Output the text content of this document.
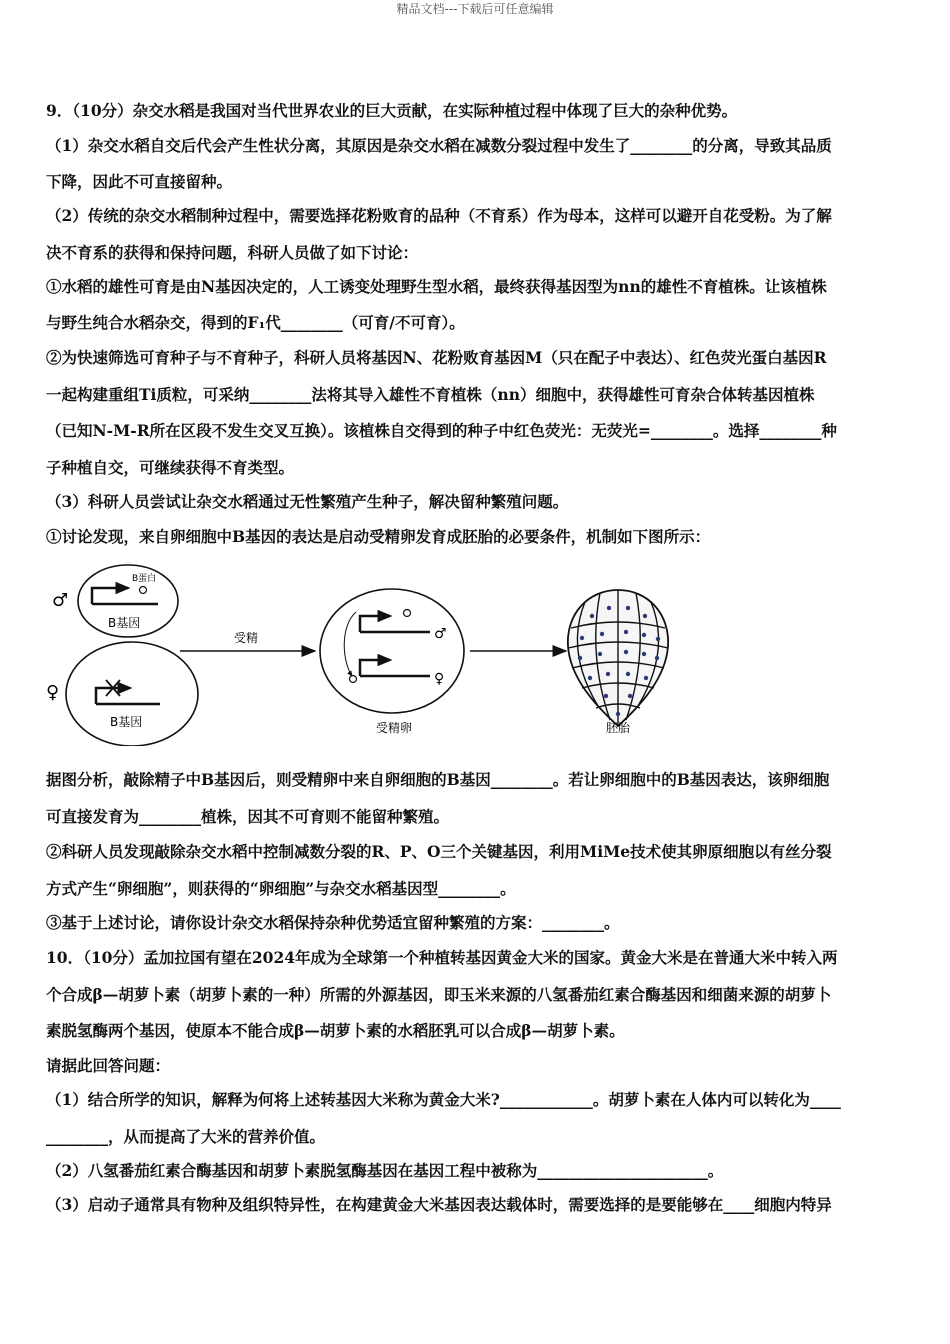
精品文档---下载后可任意编辑
9．（10分）杂交水稻是我国对当代世界农业的巨大贡献，在实际种植过程中体现了巨大的杂种优势。
（1）杂交水稻自交后代会产生性状分离，其原因是杂交水稻在减数分裂过程中发生了________的分离，导致其品质
下降，因此不可直接留种。
（2）传统的杂交水稻制种过程中，需要选择花粉败育的品种（不育系）作为母本，这样可以避开自花受粉。为了解
决不育系的获得和保持问题，科研人员做了如下讨论：
①水稻的雄性可育是由N基因决定的，人工诱变处理野生型水稻，最终获得基因型为nn的雄性不育植株。让该植株
与野生纯合水稻杂交，得到的F₁代________（可育/不可育）。
②为快速筛选可育种子与不育种子，科研人员将基因N、花粉败育基因M（只在配子中表达）、红色荧光蛋白基因R
一起构建重组Ti质粒，可采纳________法将其导入雄性不育植株（nn）细胞中，获得雄性可育杂合体转基因植株
（已知N-M-R所在区段不发生交叉互换）。该植株自交得到的种子中红色荧光：无荧光=________。选择________种
子种植自交，可继续获得不育类型。
（3）科研人员尝试让杂交水稻通过无性繁殖产生种子，解决留种繁殖问题。
①讨论发现，来自卵细胞中B基因的表达是启动受精卵发育成胚胎的必要条件，机制如下图所示：
♂
B蛋白
B基因
♀
B基因
受精	♂
♀
受精卵	胚胎
据图分析，敲除精子中B基因后，则受精卵中来自卵细胞的B基因________。若让卵细胞中的B基因表达，该卵细胞
可直接发育为________植株，因其不可育则不能留种繁殖。
②科研人员发现敲除杂交水稻中控制减数分裂的R、P、O三个关键基因，利用MiMe技术使其卵原细胞以有丝分裂
方式产生“卵细胞”，则获得的“卵细胞”与杂交水稻基因型________。
③基于上述讨论，请你设计杂交水稻保持杂种优势适宜留种繁殖的方案：________。
10．（10分）孟加拉国有望在2024年成为全球第一个种植转基因黄金大米的国家。黄金大米是在普通大米中转入两
个合成β—胡萝卜素（胡萝卜素的一种）所需的外源基因，即玉米来源的八氢番茄红素合酶基因和细菌来源的胡萝卜
素脱氢酶两个基因，使原本不能合成β—胡萝卜素的水稻胚乳可以合成β—胡萝卜素。
请据此回答问题：
（1）结合所学的知识，解释为何将上述转基因大米称为黄金大米?____________。胡萝卜素在人体内可以转化为____
________，从而提高了大米的营养价值。
（2）八氢番茄红素合酶基因和胡萝卜素脱氢酶基因在基因工程中被称为______________________。
（3）启动子通常具有物种及组织特异性，在构建黄金大米基因表达载体时，需要选择的是要能够在____细胞内特异
